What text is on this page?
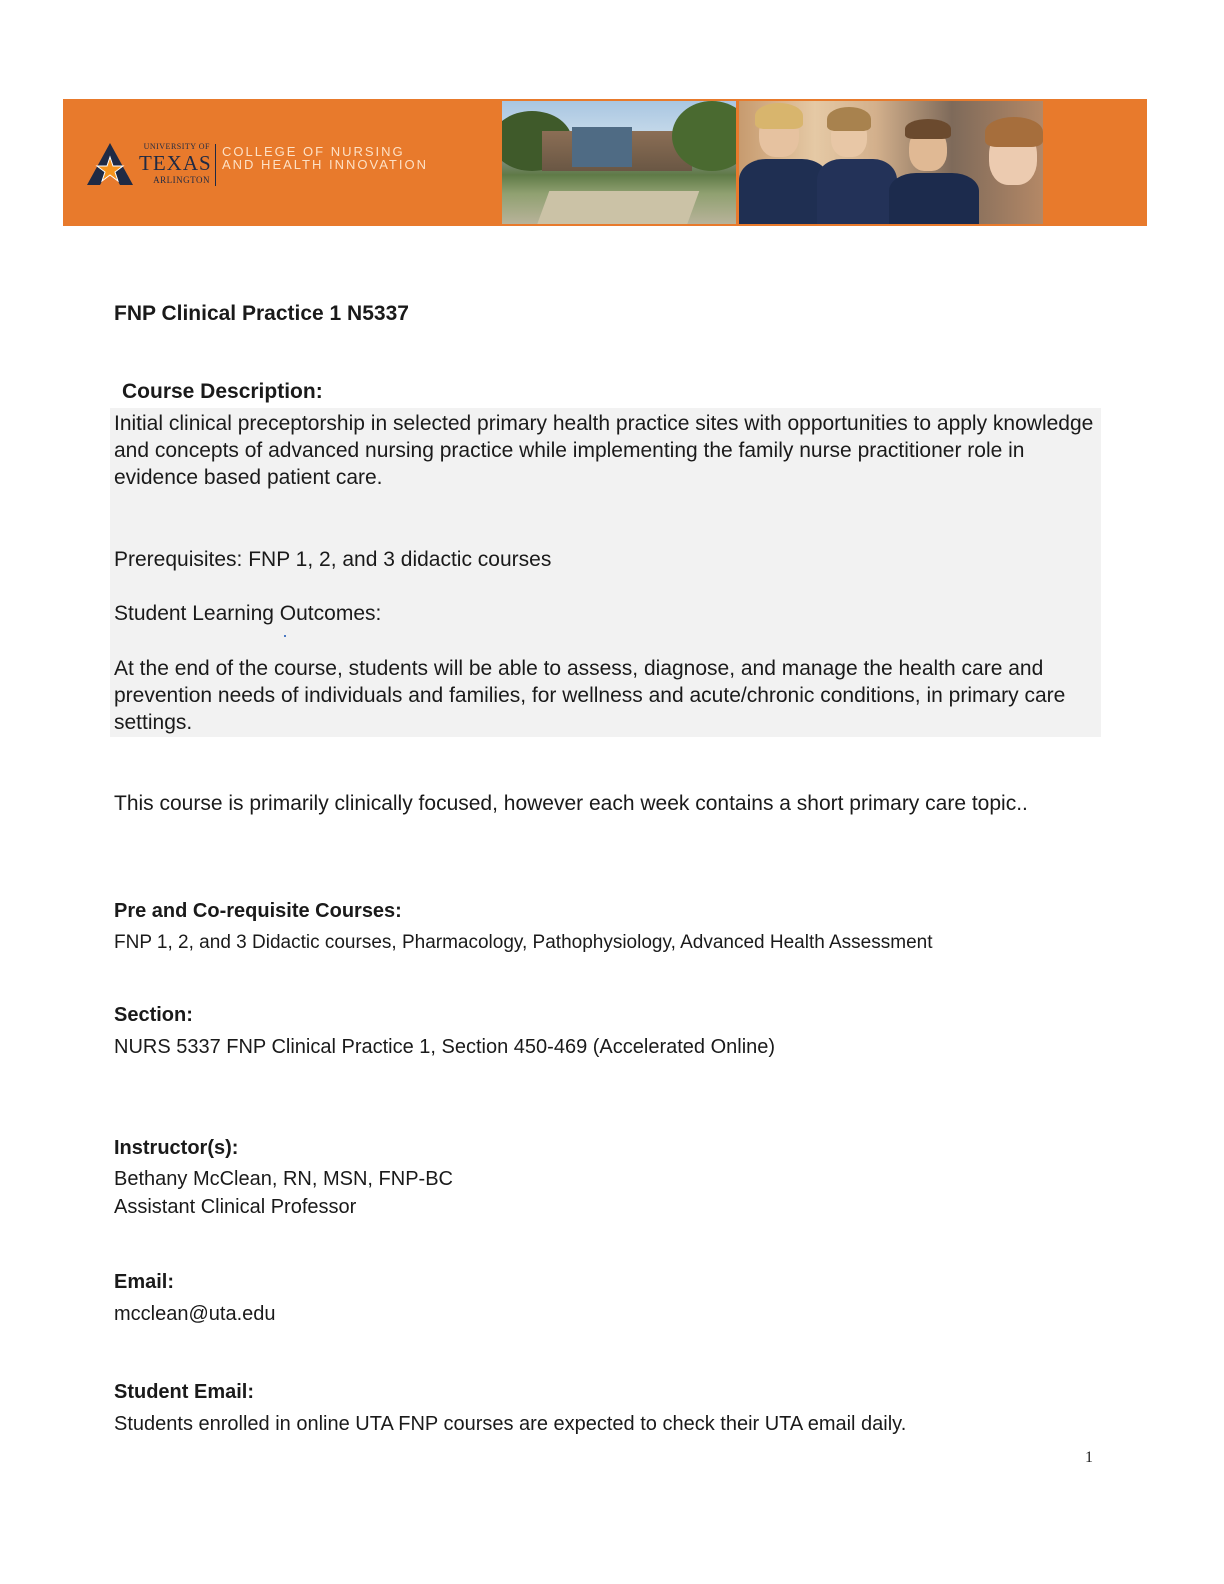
UNIVERSITY OF
TEXAS
ARLINGTON
COLLEGE OF NURSING
AND HEALTH INNOVATION
FNP Clinical Practice 1 N5337
Course Description:
Initial clinical preceptorship in selected primary health practice sites with opportunities to apply knowledge and concepts of advanced nursing practice while implementing the family nurse practitioner role in evidence based patient care.
Prerequisites: FNP 1, 2, and 3 didactic courses
Student Learning Outcomes:
At the end of the course, students will be able to assess, diagnose, and manage the health care and prevention needs of individuals and families, for wellness and acute/chronic conditions, in primary care settings.
This course is primarily clinically focused, however each week contains a short primary care topic..
Pre and Co-requisite Courses:
FNP 1, 2, and 3 Didactic courses, Pharmacology, Pathophysiology, Advanced Health Assessment
Section:
NURS 5337 FNP Clinical Practice 1, Section 450-469 (Accelerated Online)
Instructor(s):
Bethany McClean, RN, MSN, FNP-BC
Assistant Clinical Professor
Email:
mcclean@uta.edu
Student Email:
Students enrolled in online UTA FNP courses are expected to check their UTA email daily.
1
